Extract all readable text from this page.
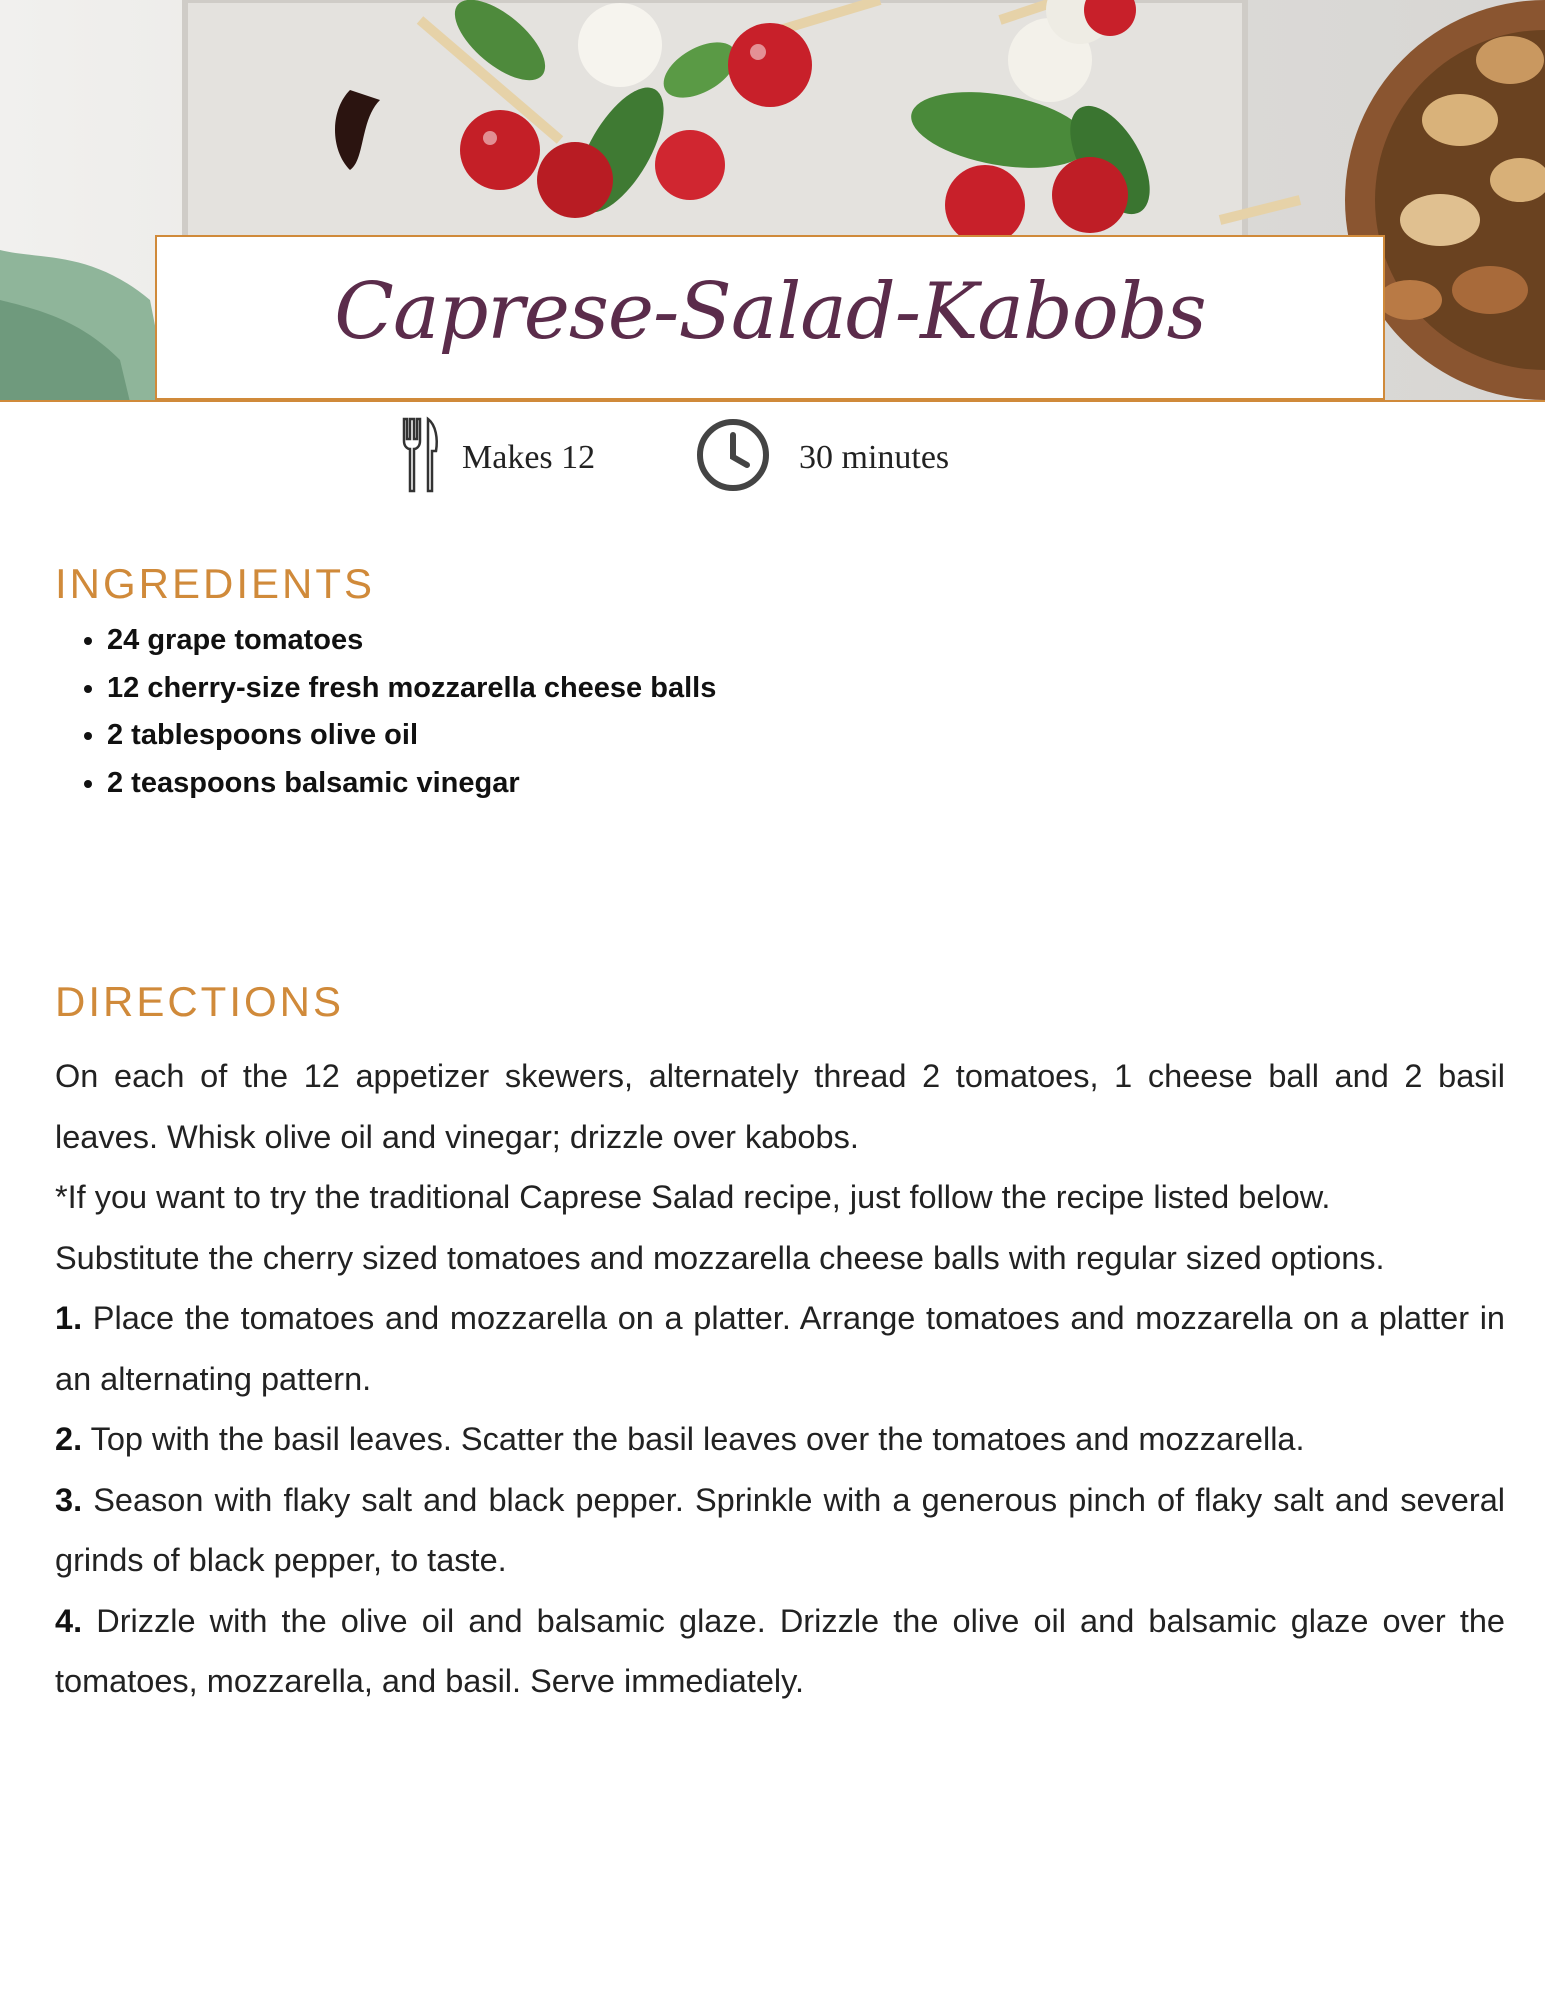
Caprese-Salad-Kabobs
Makes 12	30 minutes
INGREDIENTS
• 24 grape tomatoes
• 12 cherry-size fresh mozzarella cheese balls
• 2 tablespoons olive oil
• 2 teaspoons balsamic vinegar
DIRECTIONS

On each of the 12 appetizer skewers, alternately thread 2 tomatoes, 1 cheese ball and 2 basil leaves. Whisk olive oil and vinegar; drizzle over kabobs.

*If you want to try the traditional Caprese Salad recipe, just follow the recipe listed below.

Substitute the cherry sized tomatoes and mozzarella cheese balls with regular sized options.

1. Place the tomatoes and mozzarella on a platter. Arrange tomatoes and mozzarella on a platter in an alternating pattern.

2. Top with the basil leaves. Scatter the basil leaves over the tomatoes and mozzarella.

3. Season with flaky salt and black pepper. Sprinkle with a generous pinch of flaky salt and several grinds of black pepper, to taste.

4. Drizzle with the olive oil and balsamic glaze. Drizzle the olive oil and balsamic glaze over the tomatoes, mozzarella, and basil. Serve immediately.
